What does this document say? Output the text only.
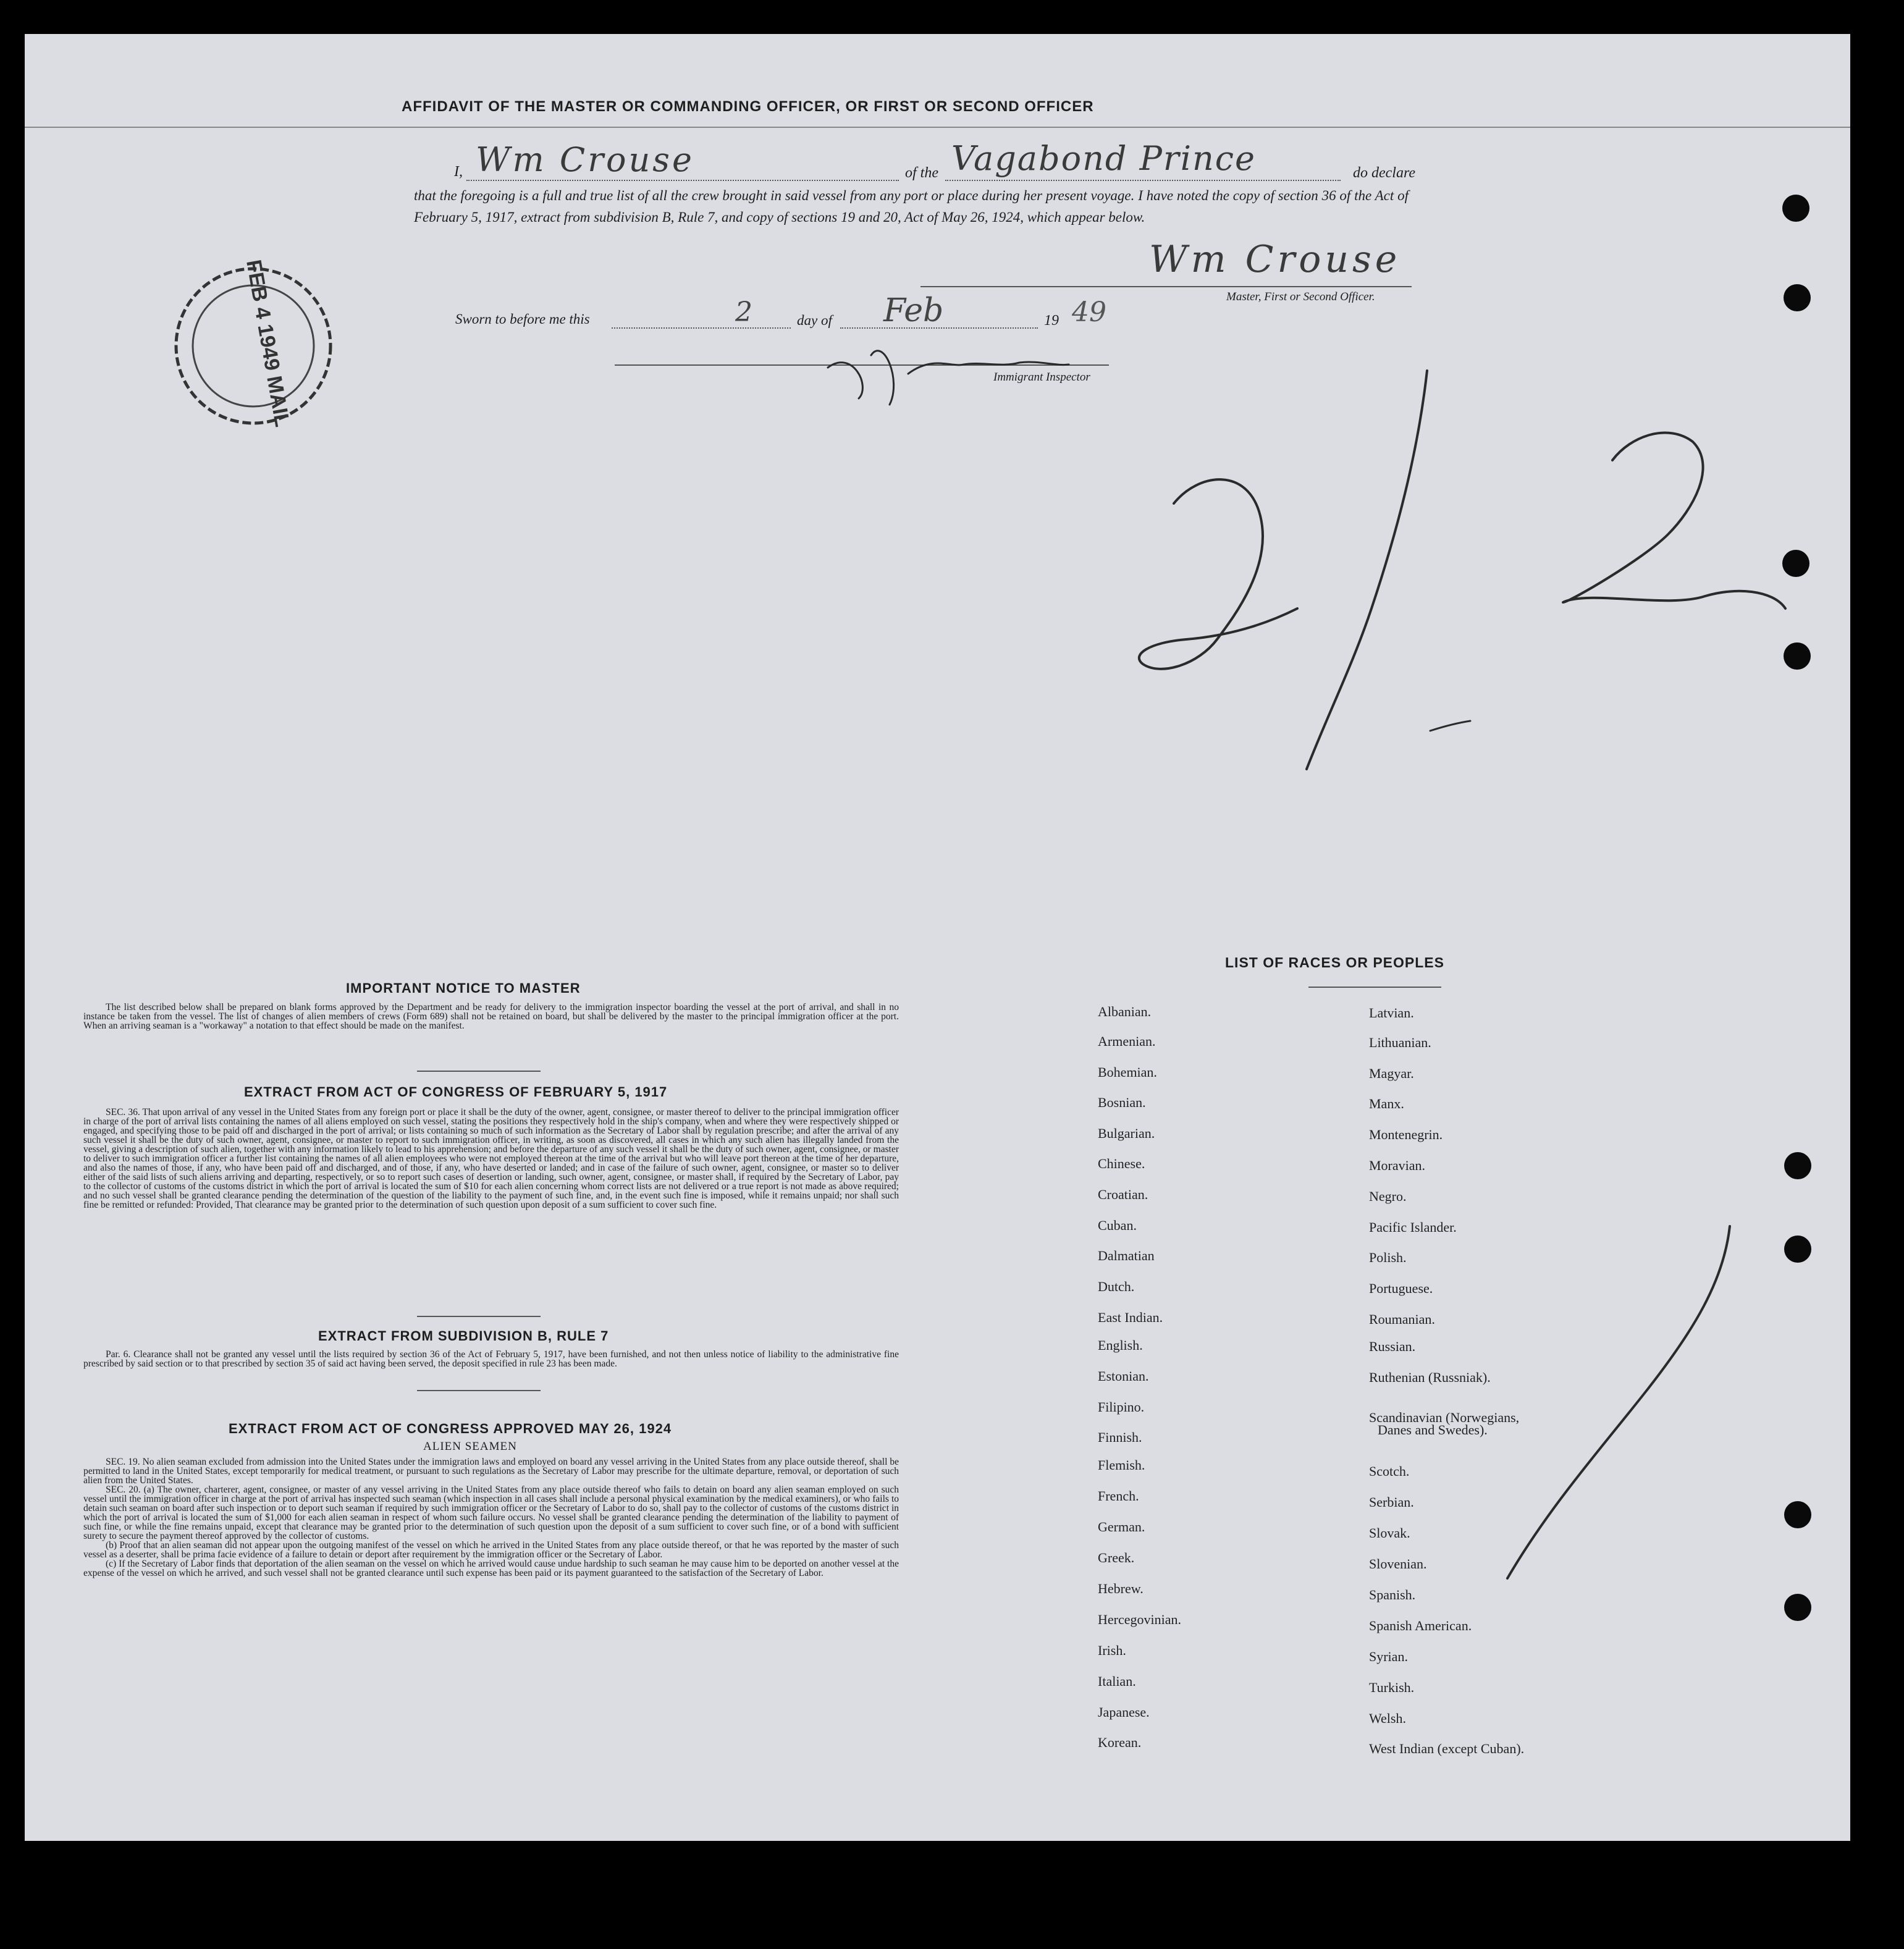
AFFIDAVIT OF THE MASTER OR COMMANDING OFFICER, OR FIRST OR SECOND OFFICER
I, Wm Crouse	of the Vagabond Prince	do declare
that the foregoing is a full and true list of all the crew brought in said vessel from any port or place during her present voyage. I have noted the copy of section 36 of the Act of February 5, 1917, extract from subdivision B, Rule 7, and copy of sections 19 and 20, Act of May 26, 1924, which appear below.
Wm Crouse
Master, First or Second Officer.
Sworn to before me this	2	day of Feb	19 49
Immigrant Inspector
FEB 4 1949 MAIL	2/2
1
IMPORTANT NOTICE TO MASTER

The list described below shall be prepared on blank forms approved by the Department and be ready for delivery to the immigration inspector boarding the vessel at the port of arrival, and shall in no instance be taken from the vessel. The list of changes of alien members of crews (Form 689) shall not be retained on board, but shall be delivered by the master to the principal immigration officer at the port. When an arriving seaman is a "workaway" a notation to that effect should be made on the manifest.

EXTRACT FROM ACT OF CONGRESS OF FEBRUARY 5, 1917

SEC. 36. That upon arrival of any vessel in the United States from any foreign port or place it shall be the duty of the owner, agent, consignee, or master thereof to deliver to the principal immigration officer in charge of the port of arrival lists containing the names of all aliens employed on such vessel, stating the positions they respectively hold in the ship's company, when and where they were respectively shipped or engaged, and specifying those to be paid off and discharged in the port of arrival; or lists containing so much of such information as the Secretary of Labor shall by regulation prescribe; and after the arrival of any such vessel it shall be the duty of such owner, agent, consignee, or master to report to such immigration officer, in writing, as soon as discovered, all cases in which any such alien has illegally landed from the vessel, giving a description of such alien, together with any information likely to lead to his apprehension; and before the departure of any such vessel it shall be the duty of such owner, agent, consignee, or master to deliver to such immigration officer a further list containing the names of all alien employees who were not employed thereon at the time of the arrival but who will leave port thereon at the time of her departure, and also the names of those, if any, who have been paid off and discharged, and of those, if any, who have deserted or landed; and in case of the failure of such owner, agent, consignee, or master so to deliver either of the said lists of such aliens arriving and departing, respectively, or so to report such cases of desertion or landing, such owner, agent, consignee, or master shall, if required by the Secretary of Labor, pay to the collector of customs of the customs district in which the port of arrival is located the sum of $10 for each alien concerning whom correct lists are not delivered or a true report is not made as above required; and no such vessel shall be granted clearance pending the determination of the question of the liability to the payment of such fine, and, in the event such fine is imposed, while it remains unpaid; nor shall such fine be remitted or refunded: Provided, That clearance may be granted prior to the determination of such question upon deposit of a sum sufficient to cover such fine.

EXTRACT FROM SUBDIVISION B, RULE 7

Par. 6. Clearance shall not be granted any vessel until the lists required by section 36 of the Act of February 5, 1917, have been furnished, and not then unless notice of liability to the administrative fine prescribed by said section or to that prescribed by section 35 of said act having been served, the deposit specified in rule 23 has been made.

EXTRACT FROM ACT OF CONGRESS APPROVED MAY 26, 1924
ALIEN SEAMEN

SEC. 19. No alien seaman excluded from admission into the United States under the immigration laws and employed on board any vessel arriving in the United States from any place outside thereof, shall be permitted to land in the United States, except temporarily for medical treatment, or pursuant to such regulations as the Secretary of Labor may prescribe for the ultimate departure, removal, or deportation of such alien from the United States.

SEC. 20. (a) The owner, charterer, agent, consignee, or master of any vessel arriving in the United States from any place outside thereof who fails to detain on board any alien seaman employed on such vessel until the immigration officer in charge at the port of arrival has inspected such seaman (which inspection in all cases shall include a personal physical examination by the medical examiners), or who fails to detain such seaman on board after such inspection or to deport such seaman if required by such immigration officer or the Secretary of Labor to do so, shall pay to the collector of customs of the customs district in which the port of arrival is located the sum of $1,000 for each alien seaman in respect of whom such failure occurs. No vessel shall be granted clearance pending the determination of the liability to payment of such fine, or while the fine remains unpaid, except that clearance may be granted prior to the determination of such question upon the deposit of a sum sufficient to cover such fine, or of a bond with sufficient surety to secure the payment thereof approved by the collector of customs.

(b) Proof that an alien seaman did not appear upon the outgoing manifest of the vessel on which he arrived in the United States from any place outside thereof, or that he was reported by the master of such vessel as a deserter, shall be prima facie evidence of a failure to detain or deport after requirement by the immigration officer or the Secretary of Labor.

(c) If the Secretary of Labor finds that deportation of the alien seaman on the vessel on which he arrived would cause undue hardship to such seaman he may cause him to be deported on another vessel at the expense of the vessel on which he arrived, and such vessel shall not be granted clearance until such expense has been paid or its payment guaranteed to the satisfaction of the Secretary of Labor.

LIST OF RACES OR PEOPLES
Danes and Swedes).
Albanian.
Armenian.
Bohemian.
Bosnian.
Bulgarian.
Chinese.
Croatian.
Cuban.
Dalmatian
Dutch.
East Indian.
English.
Estonian.
Filipino.
Finnish.
Flemish.
French.
German.
Greek.
Hebrew.
Hercegovinian.
Irish.
Italian.
Japanese.
Korean.
Latvian.
Lithuanian.
Magyar.
Manx.
Montenegrin.
Moravian.
Negro.
Pacific Islander.
Polish.
Portuguese.
Roumanian.
Russian.
Ruthenian (Russniak).
Scandinavian (Norwegians,
Scotch.
Serbian.
Slovak.
Slovenian.
Spanish.
Spanish American.
Syrian.
Turkish.
Welsh.
West Indian (except Cuban).
